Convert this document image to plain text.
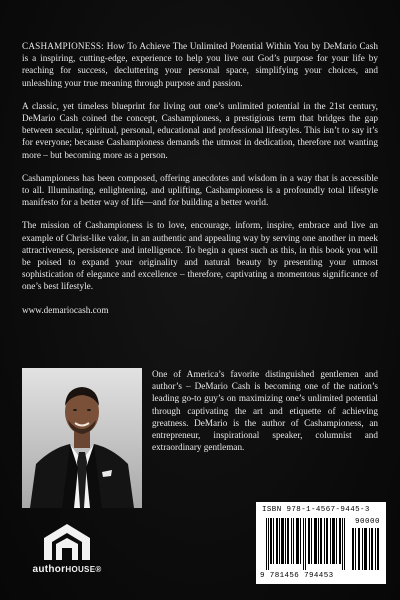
CASHAMPIONESS: How To Achieve The Unlimited Potential Within You by DeMario Cash is a inspiring, cutting-edge, experience to help you live out God’s purpose for your life by reaching for success, decluttering your personal space, simplifying your choices, and unleashing your true meaning through purpose and passion.

A classic, yet timeless blueprint for living out one’s unlimited potential in the 21st century, DeMario Cash coined the concept, Cashampioness, a prestigious term that bridges the gap between secular, spiritual, personal, educational and professional lifestyles. This isn’t to say it’s for everyone; because Cashampioness demands the utmost in dedication, therefore not wanting more – but becoming more as a person.

Cashampioness has been composed, offering anecdotes and wisdom in a way that is accessible to all. Illuminating, enlightening, and uplifting, Cashampioness is a profoundly total lifestyle manifesto for a better way of life—and for building a better world.

The mission of Cashampioness is to love, encourage, inform, inspire, embrace and live an example of Christ-like valor, in an authentic and appealing way by serving one another in meek attractiveness, persistence and intelligence. To begin a quest such as this, in this book you will be poised to expand your originality and natural beauty by presenting your utmost sophistication of elegance and excellence – therefore, captivating a momentous significance of one’s best lifestyle.

www.demariocash.com

One of America’s favorite distinguished gentlemen and author’s – DeMario Cash is becoming one of the nation’s leading go-to guy’s on maximizing one’s unlimited potential through captivating the art and etiquette of achieving greatness. DeMario is the author of Cashampioness, an entrepreneur, inspirational speaker, columnist and extraordinary gentleman.

authorHOUSE®
ISBN 978-1-4567-9445-3
90000
9 781456 794453
